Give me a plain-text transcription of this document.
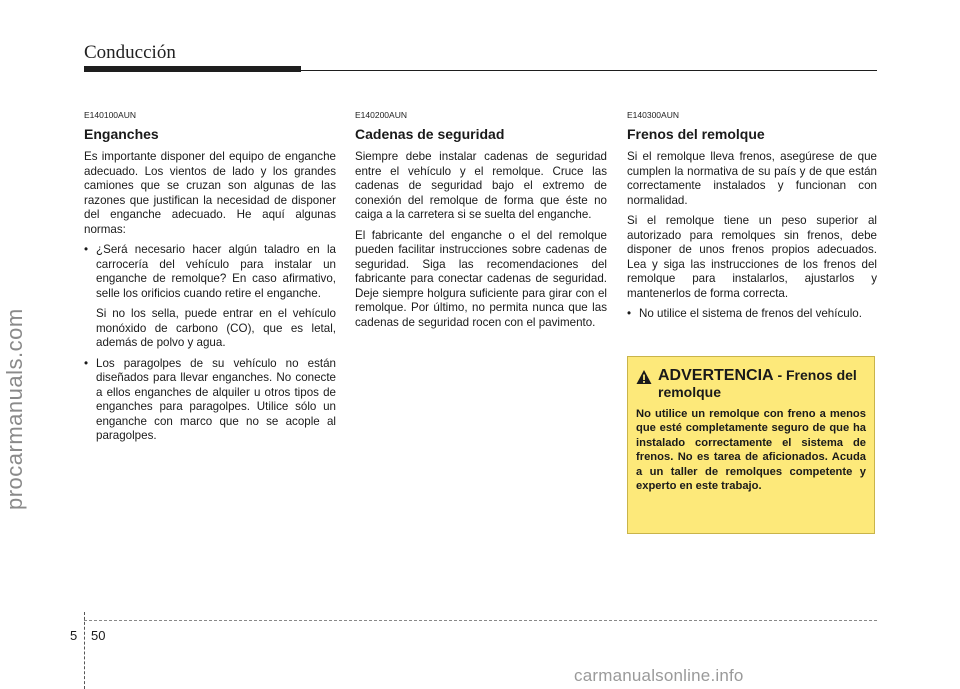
Conducción
procarmanuals.com
E140100AUN
Enganches

Es importante disponer del equipo de enganche adecuado. Los vientos de lado y los grandes camiones que se cruzan son algunas de las razones que justifican la necesidad de disponer del enganche adecuado. He aquí algunas normas:

• ¿Será necesario hacer algún taladro en la carrocería del vehículo para instalar un enganche de remolque? En caso afirmativo, selle los orificios cuando retire el enganche.

Si no los sella, puede entrar en el vehículo monóxido de carbono (CO), que es letal, además de polvo y agua.

• Los paragolpes de su vehículo no están diseñados para llevar enganches. No conecte a ellos enganches de alquiler u otros tipos de enganches para paragolpes. Utilice sólo un enganche con marco que no se acople al paragolpes.
E140200AUN
Cadenas de seguridad

Siempre debe instalar cadenas de seguridad entre el vehículo y el remolque. Cruce las cadenas de seguridad bajo el extremo de conexión del remolque de forma que éste no caiga a la carretera si se suelta del enganche.

El fabricante del enganche o el del remolque pueden facilitar instrucciones sobre cadenas de seguridad. Siga las recomendaciones del fabricante para conectar cadenas de seguridad. Deje siempre holgura suficiente para girar con el remolque. Por último, no permita nunca que las cadenas de seguridad rocen con el pavimento.

E140300AUN
Frenos del remolque

Si el remolque lleva frenos, asegúrese de que cumplen la normativa de su país y de que están correctamente instalados y funcionan con normalidad.

Si el remolque tiene un peso superior al autorizado para remolques sin frenos, debe disponer de unos frenos propios adecuados. Lea y siga las instrucciones de los frenos del remolque para instalarlos, ajustarlos y mantenerlos de forma correcta.

• No utilice el sistema de frenos del vehículo.
ADVERTENCIA - Frenos del remolque
No utilice un remolque con freno a menos que esté completamente seguro de que ha instalado correctamente el sistema de frenos. No es tarea de aficionados. Acuda a un taller de remolques competente y experto en este trabajo.
5 50
carmanualsonline.info
